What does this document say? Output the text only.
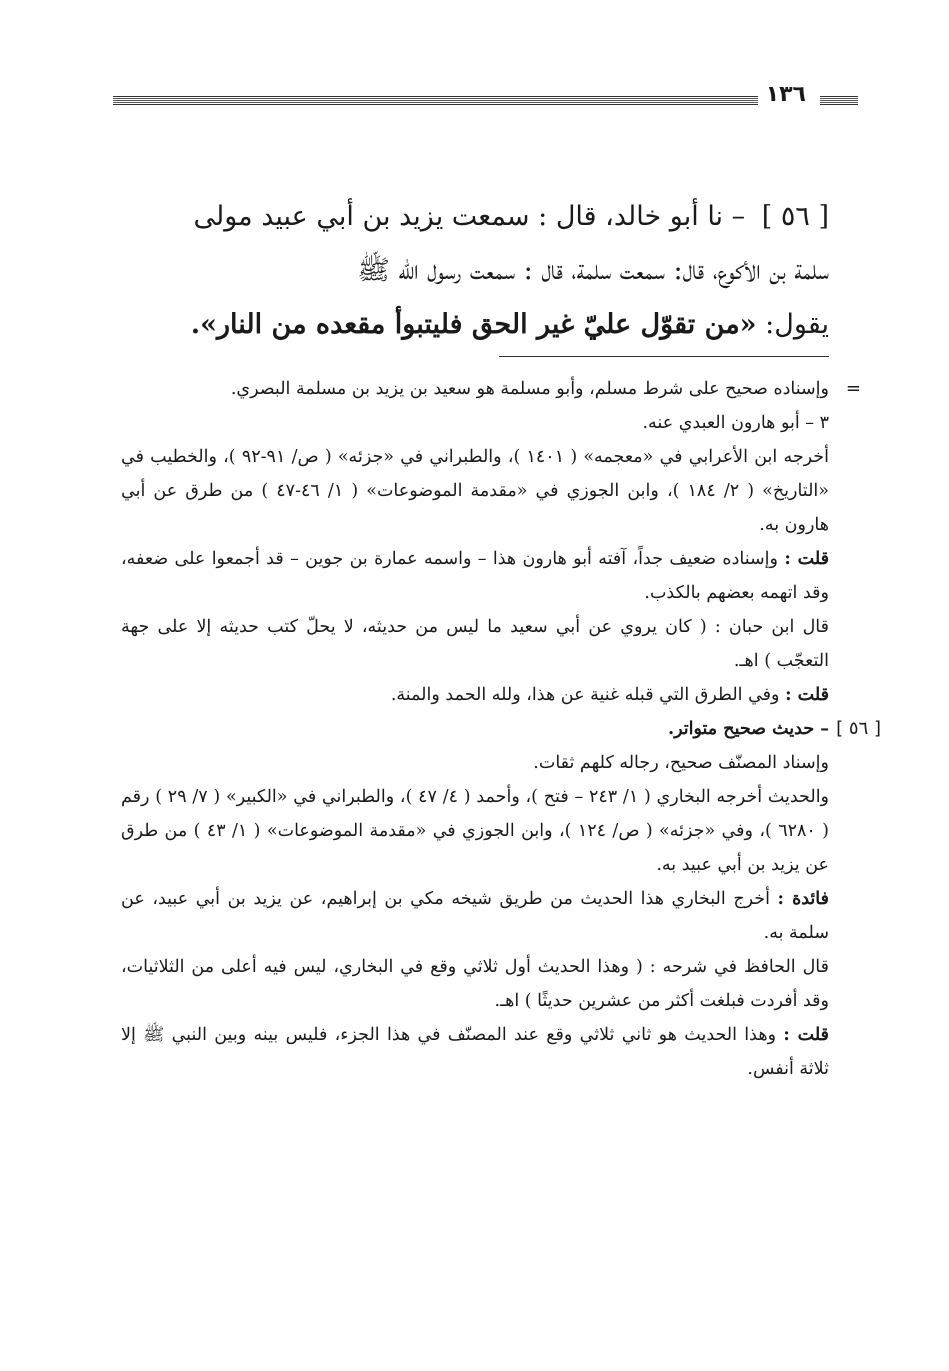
١٣٦

[ ٥٦ ] – نا أبو خالد، قال : سمعت يزيد بن أبي عبيد مولى

سلمة بن الأكوع، قال: سمعت سلمة، قال : سمعت رسول الله ﷺ

يقول: «من تقوّل عليّ غير الحق فليتبوأ مقعده من النار».

=
وإسناده صحيح على شرط مسلم، وأبو مسلمة هو سعيد بن يزيد بن مسلمة البصري.

٣ – أبو هارون العبدي عنه.

أخرجه ابن الأعرابي في «معجمه» ( ١٤٠١ )، والطبراني في «جزئه» ( ص/ ٩١-٩٢ )، والخطيب في «التاريخ» ( ٢/ ١٨٤ )، وابن الجوزي في «مقدمة الموضوعات» ( ١/ ٤٦-٤٧ ) من طرق عن أبي هارون به.

قلت : وإسناده ضعيف جداً، آفته أبو هارون هذا – واسمه عمارة بن جوين – قد أجمعوا على ضعفه، وقد اتهمه بعضهم بالكذب.

قال ابن حبان : ( كان يروي عن أبي سعيد ما ليس من حديثه، لا يحلّ كتب حديثه إلا على جهة التعجّب ) اهـ.

قلت : وفي الطرق التي قبله غنية عن هذا، ولله الحمد والمنة.

[ ٥٦ ]
– حديث صحيح متواتر.

وإسناد المصنّف صحيح، رجاله كلهم ثقات.

والحديث أخرجه البخاري ( ١/ ٢٤٣ – فتح )، وأحمد ( ٤/ ٤٧ )، والطبراني في «الكبير» ( ٧/ ٢٩ ) رقم ( ٦٢٨٠ )، وفي «جزئه» ( ص/ ١٢٤ )، وابن الجوزي في «مقدمة الموضوعات» ( ١/ ٤٣ ) من طرق عن يزيد بن أبي عبيد به.

فائدة : أخرج البخاري هذا الحديث من طريق شيخه مكي بن إبراهيم، عن يزيد بن أبي عبيد، عن سلمة به.

قال الحافظ في شرحه : ( وهذا الحديث أول ثلاثي وقع في البخاري، ليس فيه أعلى من الثلاثيات، وقد أفردت فبلغت أكثر من عشرين حديثًا ) اهـ.

قلت : وهذا الحديث هو ثاني ثلاثي وقع عند المصنّف في هذا الجزء، فليس بينه وبين النبي ﷺ إلا ثلاثة أنفس.
